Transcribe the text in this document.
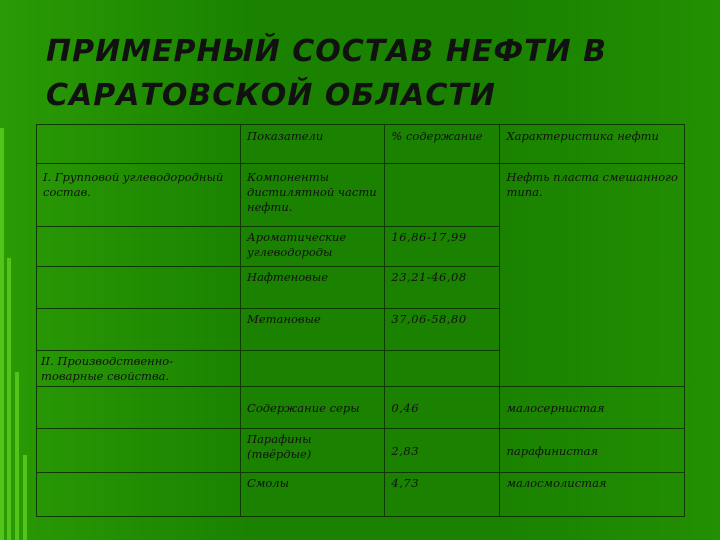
ПРИМЕРНЫЙ СОСТАВ НЕФТИ В САРАТОВСКОЙ ОБЛАСТИ
	Показатели	% содержание	Характеристика нефти
I. Групповой углеводородный состав.	Компоненты дистилятной части нефти.		Нефть пласта смешанного типа.
	Ароматические углеводороды	16,86-17,99	
	Нафтеновые	23,21-46,08	
	Метановые	37,06-58,80	
II. Производственно-товарные свойства.			
	Содержание серы	0,46	малосернистая
	Парафины (твёрдые)	2,83	парафинистая
	Смолы	4,73	малосмолистая
